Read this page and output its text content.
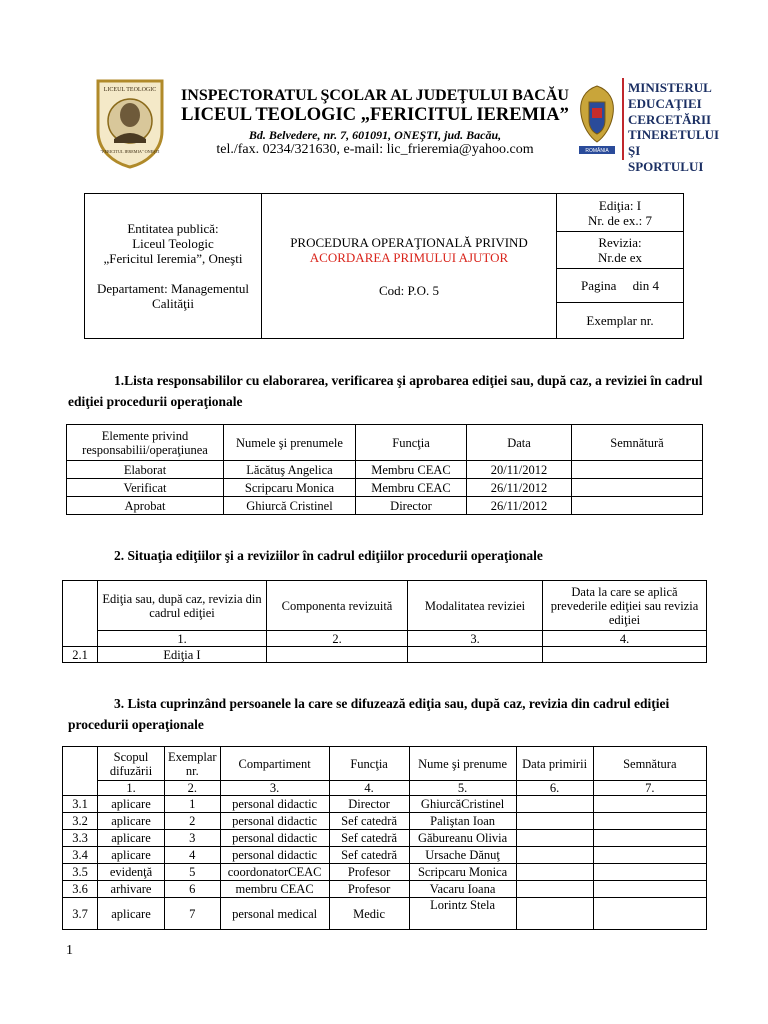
LICEUL TEOLOGIC
"FERICITUL IEREMIA" ONEŞTI
INSPECTORATUL ŞCOLAR AL JUDEŢULUI BACĂU
LICEUL TEOLOGIC „FERICITUL IEREMIA”
Bd. Belvedere, nr. 7, 601091, ONEŞTI, jud. Bacău,
tel./fax. 0234/321630, e-mail: lic_frieremia@yahoo.com	ROMÂNIA
MINISTERUL
EDUCAŢIEI
CERCETĂRII
TINERETULUI
ŞI SPORTULUI
Entitatea publică:
Liceul Teologic
„Fericitul Ieremia”, Oneşti
Departament: Managementul
Calităţii

PROCEDURA OPERAŢIONALĂ PRIVIND
ACORDAREA PRIMULUI AJUTOR
Cod: P.O. 5

Ediţia: I
Nr. de ex.: 7

Revizia:
Nr.de ex

Pagina     din 4
Exemplar nr.
1.Lista responsabililor cu elaborarea, verificarea şi aprobarea ediţiei sau, după caz, a reviziei în cadrul ediţiei procedurii operaţionale
Elemente privind responsabilii/operaţiunea	Numele şi prenumele	Funcţia	Data	Semnătură
Elaborat	Lăcătuş Angelica	Membru CEAC	20/11/2012	
Verificat	Scripcaru Monica	Membru CEAC	26/11/2012	
Aprobat	Ghiurcă Cristinel	Director	26/11/2012	
2. Situaţia ediţiilor şi a reviziilor în cadrul ediţiilor procedurii operaţionale
	Ediţia sau, după caz, revizia din cadrul ediţiei	Componenta revizuită	Modalitatea reviziei	Data la care se aplică prevederile ediţiei sau revizia ediţiei
	1.	2.	3.	4.
2.1	Ediţia I			
3. Lista cuprinzând persoanele la care se difuzează ediţia sau, după caz, revizia din cadrul ediţiei procedurii operaţionale
	Scopul difuzării	Exemplar nr.	Compartiment	Funcţia	Nume şi prenume	Data primirii	Semnătura
	1.	2.	3.	4.	5.	6.	7.
3.1	aplicare	1	personal didactic	Director	GhiurcăCristinel		
3.2	aplicare	2	personal didactic	Sef catedră	Paliştan Ioan		
3.3	aplicare	3	personal didactic	Sef catedră	Găbureanu Olivia		
3.4	aplicare	4	personal didactic	Sef catedră	Ursache Dănuţ		
3.5	evidenţă	5	coordonatorCEAC	Profesor	Scripcaru Monica		
3.6	arhivare	6	membru CEAC	Profesor	Vacaru Ioana		
3.7	aplicare	7	personal medical	Medic	Lorintz Stela		
1
